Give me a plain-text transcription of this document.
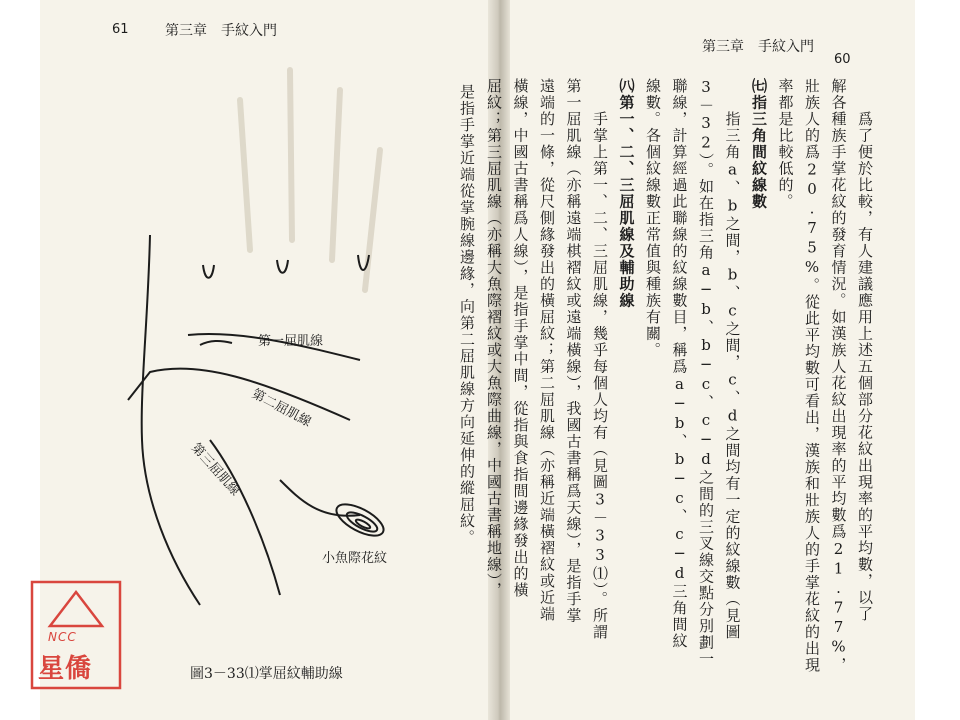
61	第三章　手紋入門
第三章　手紋入門
60
是指手掌近端從掌腕線邊緣，向第二屈肌線方向延伸的縱屈紋。
第一屈肌線
第二屈肌線
第三屈肌線
小魚際花紋
圖3－33⑴掌屈紋輔助線
　　爲了便於比較，有人建議應用上述五個部分花紋出現率的平均數，以了
解各種族手掌花紋的發育情況。如漢族人花紋出現率的平均數爲21.77%，
壯族人的爲20.75%。從此平均數可看出，漢族和壯族人的手掌花紋的出現
率都是比較低的。
㈦指三角間紋線數
　　指三角a、b之間，b、c之間，c、d之間均有一定的紋線數（見圖
3－32）。如在指三角a─b、b─c、c─d之間的三叉線交點分別劃一
聯線，計算經過此聯線的紋線數目，稱爲a─b、b─c、c─d三角間紋
線數。各個紋線數正常值與種族有關。
㈧第一、二、三屈肌線及輔助線
　　手掌上第一、二、三屈肌線，幾乎每個人均有（見圖3－33⑴）。所謂
第一屈肌線（亦稱遠端棋褶紋或遠端橫線），我國古書稱爲天線），是指手掌
遠端的一條，從尺側緣發出的橫屈紋；第二屈肌線（亦稱近端橫褶紋或近端
橫線，中國古書稱爲人線），是指手掌中間，從指與食指間邊緣發出的橫
屈紋；第三屈肌線（亦稱大魚際褶紋或大魚際曲線，中國古書稱地線），
NCC
星僑
